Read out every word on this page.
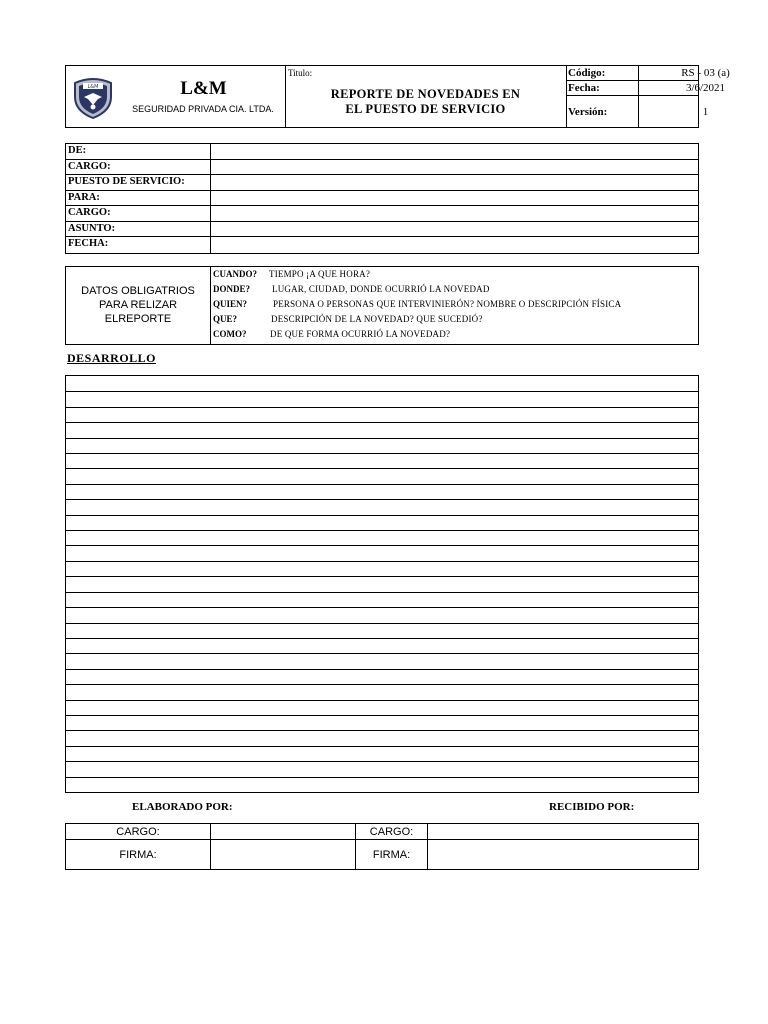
L&M	L&M
SEGURIDAD PRIVADA CIA. LTDA.
Titulo:
REPORTE DE NOVEDADES EN
EL PUESTO DE SERVICIO
Código:	RS - 03 (a)
Fecha:	3/6/2021
Versión:	1
DE:
CARGO:
PUESTO DE SERVICIO:
PARA:
CARGO:
ASUNTO:
FECHA:
DATOS OBLIGATRIOS
PARA RELIZAR
ELREPORTE
CUANDO? TIEMPO ¡A QUE HORA?
DONDE? LUGAR, CIUDAD, DONDE OCURRIÓ LA NOVEDAD
QUIEN?	PERSONA O PERSONAS QUE INTERVINIERÓN? NOMBRE O DESCRIPCIÓN FÍSICA
QUE?	DESCRIPCIÓN DE LA NOVEDAD? QUE SUCEDIÓ?
COMO?	DE QUE FORMA OCURRIÓ LA NOVEDAD?
DESARROLLO
ELABORADO POR:	RECIBIDO POR:
CARGO:	CARGO:
FIRMA:	FIRMA:
